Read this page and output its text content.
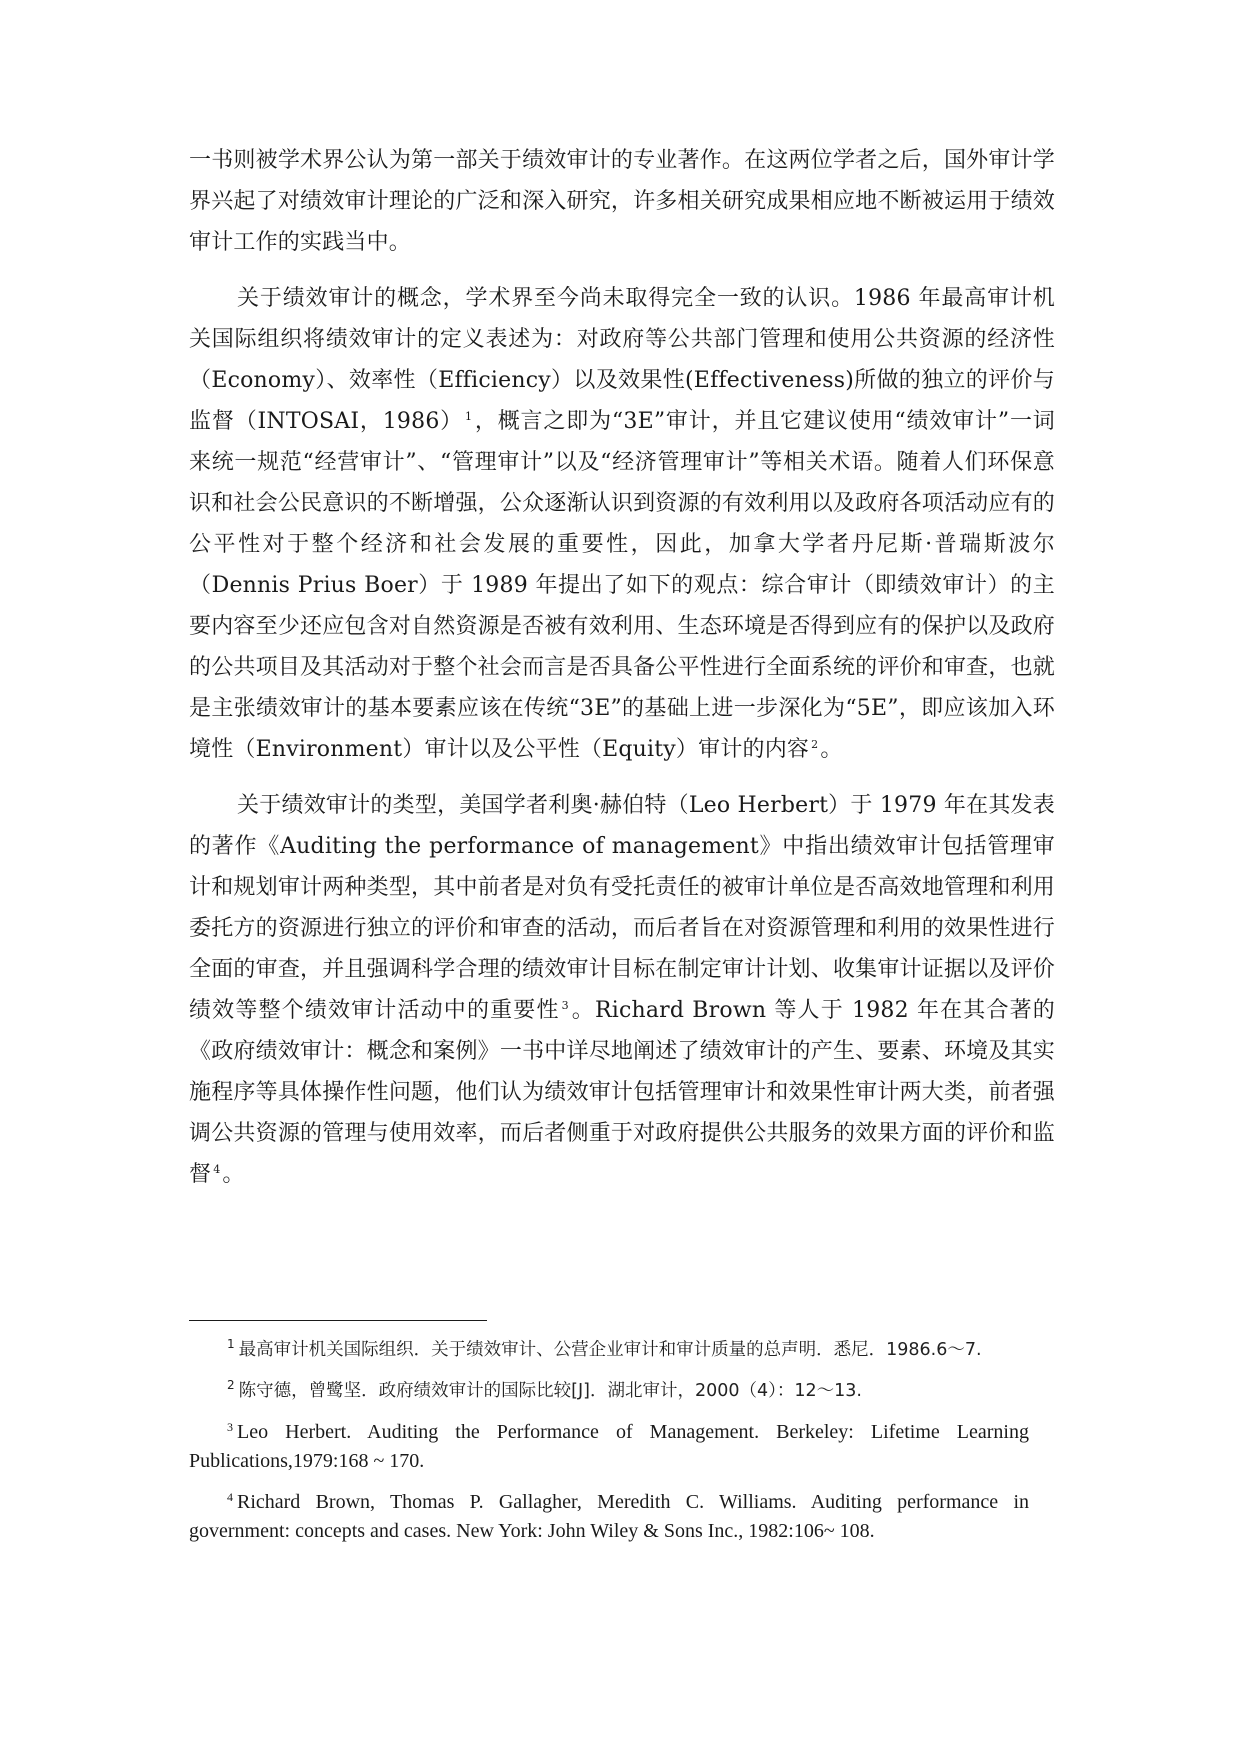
一书则被学术界公认为第一部关于绩效审计的专业著作。在这两位学者之后，国外审计学界兴起了对绩效审计理论的广泛和深入研究，许多相关研究成果相应地不断被运用于绩效审计工作的实践当中。

关于绩效审计的概念，学术界至今尚未取得完全一致的认识。1986 年最高审计机关国际组织将绩效审计的定义表述为：对政府等公共部门管理和使用公共资源的经济性（Economy）、效率性（Efficiency）以及效果性(Effectiveness)所做的独立的评价与监督（INTOSAI，1986） $^1$，概言之即为“3E”审计，并且它建议使用“绩效审计”一词来统一规范“经营审计”、“管理审计”以及“经济管理审计”等相关术语。随着人们环保意识和社会公民意识的不断增强，公众逐渐认识到资源的有效利用以及政府各项活动应有的公平性对于整个经济和社会发展的重要性，因此，加拿大学者丹尼斯·普瑞斯波尔（Dennis Prius Boer）于 1989 年提出了如下的观点：综合审计（即绩效审计）的主要内容至少还应包含对自然资源是否被有效利用、生态环境是否得到应有的保护以及政府的公共项目及其活动对于整个社会而言是否具备公平性进行全面系统的评价和审查，也就是主张绩效审计的基本要素应该在传统“3E”的基础上进一步深化为“5E”，即应该加入环境性（Environment）审计以及公平性（Equity）审计的内容 $^2$。

关于绩效审计的类型，美国学者利奥·赫伯特（Leo Herbert）于 1979 年在其发表的著作《Auditing the performance of management》中指出绩效审计包括管理审计和规划审计两种类型，其中前者是对负有受托责任的被审计单位是否高效地管理和利用委托方的资源进行独立的评价和审查的活动，而后者旨在对资源管理和利用的效果性进行全面的审查，并且强调科学合理的绩效审计目标在制定审计计划、收集审计证据以及评价绩效等整个绩效审计活动中的重要性 $^3$。Richard Brown 等人于 1982 年在其合著的《政府绩效审计：概念和案例》一书中详尽地阐述了绩效审计的产生、要素、环境及其实施程序等具体操作性问题，他们认为绩效审计包括管理审计和效果性审计两大类，前者强调公共资源的管理与使用效率，而后者侧重于对政府提供公共服务的效果方面的评价和监督 $^4$。

$^1$ 最高审计机关国际组织．关于绩效审计、公营企业审计和审计质量的总声明．悉尼．1986.6～7.

$^2$ 陈守德，曾鹭坚．政府绩效审计的国际比较[J]．湖北审计，2000（4）：12～13.

$^3$ Leo Herbert. Auditing the Performance of Management. Berkeley: Lifetime Learning Publications,1979:168 ~ 170.

$^4$ Richard Brown, Thomas P. Gallagher, Meredith C. Williams. Auditing performance in government: concepts and cases. New York: John Wiley & Sons Inc., 1982:106~ 108.
